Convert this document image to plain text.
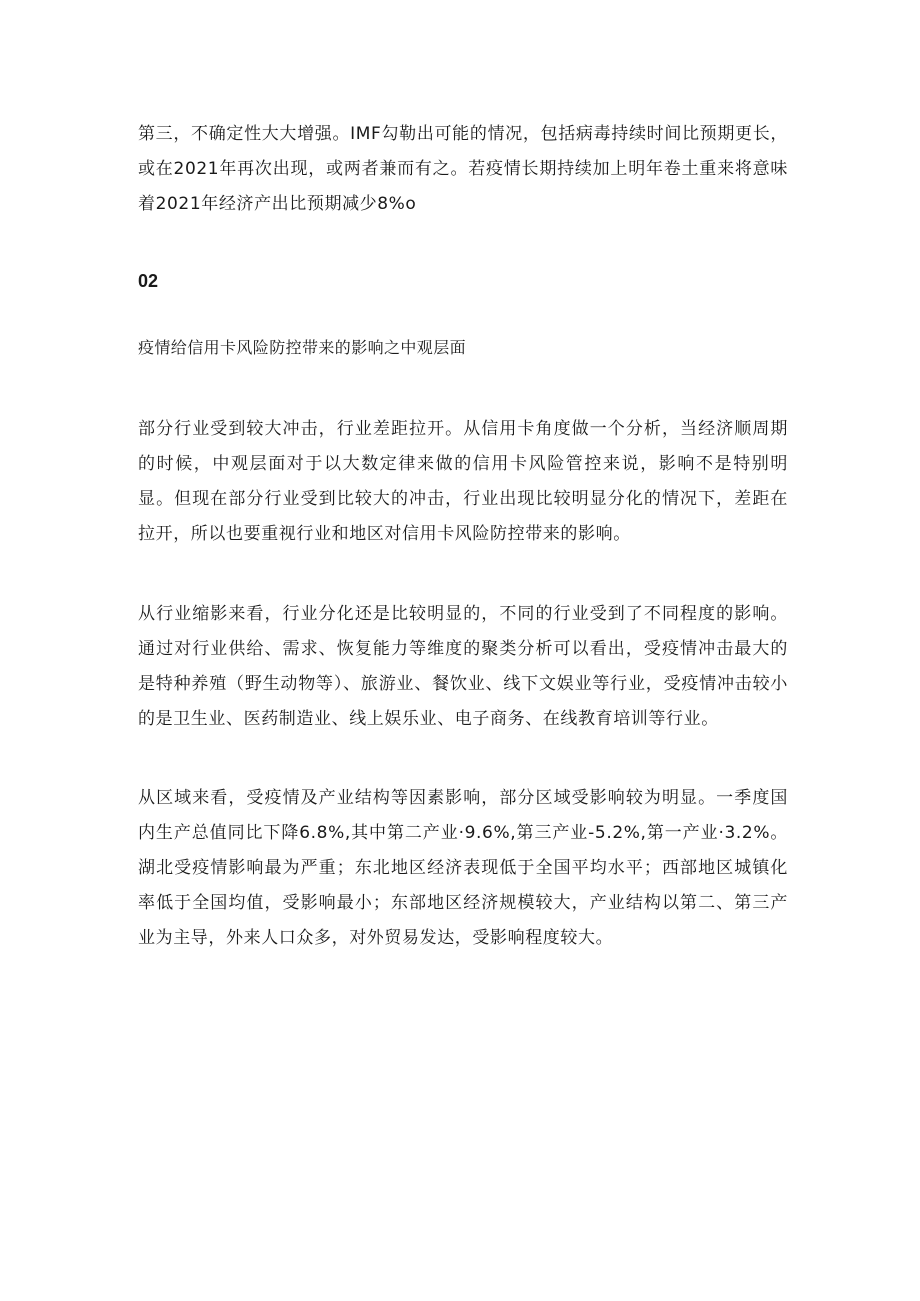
第三，不确定性大大增强。IMF勾勒出可能的情况，包括病毒持续时间比预期更长，或在2021年再次出现，或两者兼而有之。若疫情长期持续加上明年卷土重来将意味着2021年经济产出比预期减少8%o

02
疫情给信用卡风险防控带来的影响之中观层面

部分行业受到较大冲击，行业差距拉开。从信用卡角度做一个分析，当经济顺周期的时候，中观层面对于以大数定律来做的信用卡风险管控来说，影响不是特别明显。但现在部分行业受到比较大的冲击，行业出现比较明显分化的情况下，差距在拉开，所以也要重视行业和地区对信用卡风险防控带来的影响。

从行业缩影来看，行业分化还是比较明显的，不同的行业受到了不同程度的影响。通过对行业供给、需求、恢复能力等维度的聚类分析可以看出，受疫情冲击最大的是特种养殖（野生动物等）、旅游业、餐饮业、线下文娱业等行业，受疫情冲击较小的是卫生业、医药制造业、线上娱乐业、电子商务、在线教育培训等行业。

从区域来看，受疫情及产业结构等因素影响，部分区域受影响较为明显。一季度国内生产总值同比下降6.8%,其中第二产业·9.6%,第三产业-5.2%,第一产业·3.2%。湖北受疫情影响最为严重；东北地区经济表现低于全国平均水平；西部地区城镇化率低于全国均值，受影响最小；东部地区经济规模较大，产业结构以第二、第三产业为主导，外来人口众多，对外贸易发达，受影响程度较大。
